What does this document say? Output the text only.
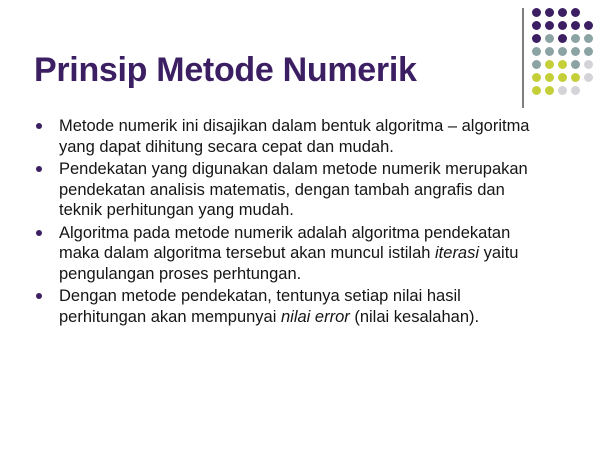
Prinsip Metode Numerik
Metode numerik ini disajikan dalam bentuk algoritma – algoritma
yang dapat dihitung secara cepat dan mudah.
Pendekatan yang digunakan dalam metode numerik merupakan
pendekatan analisis matematis, dengan tambah angrafis dan
teknik perhitungan yang mudah.
Algoritma pada metode numerik adalah algoritma pendekatan
maka dalam algoritma tersebut akan muncul istilah iterasi yaitu
pengulangan proses perhtungan.
Dengan metode pendekatan, tentunya setiap nilai hasil
perhitungan akan mempunyai nilai error (nilai kesalahan).
